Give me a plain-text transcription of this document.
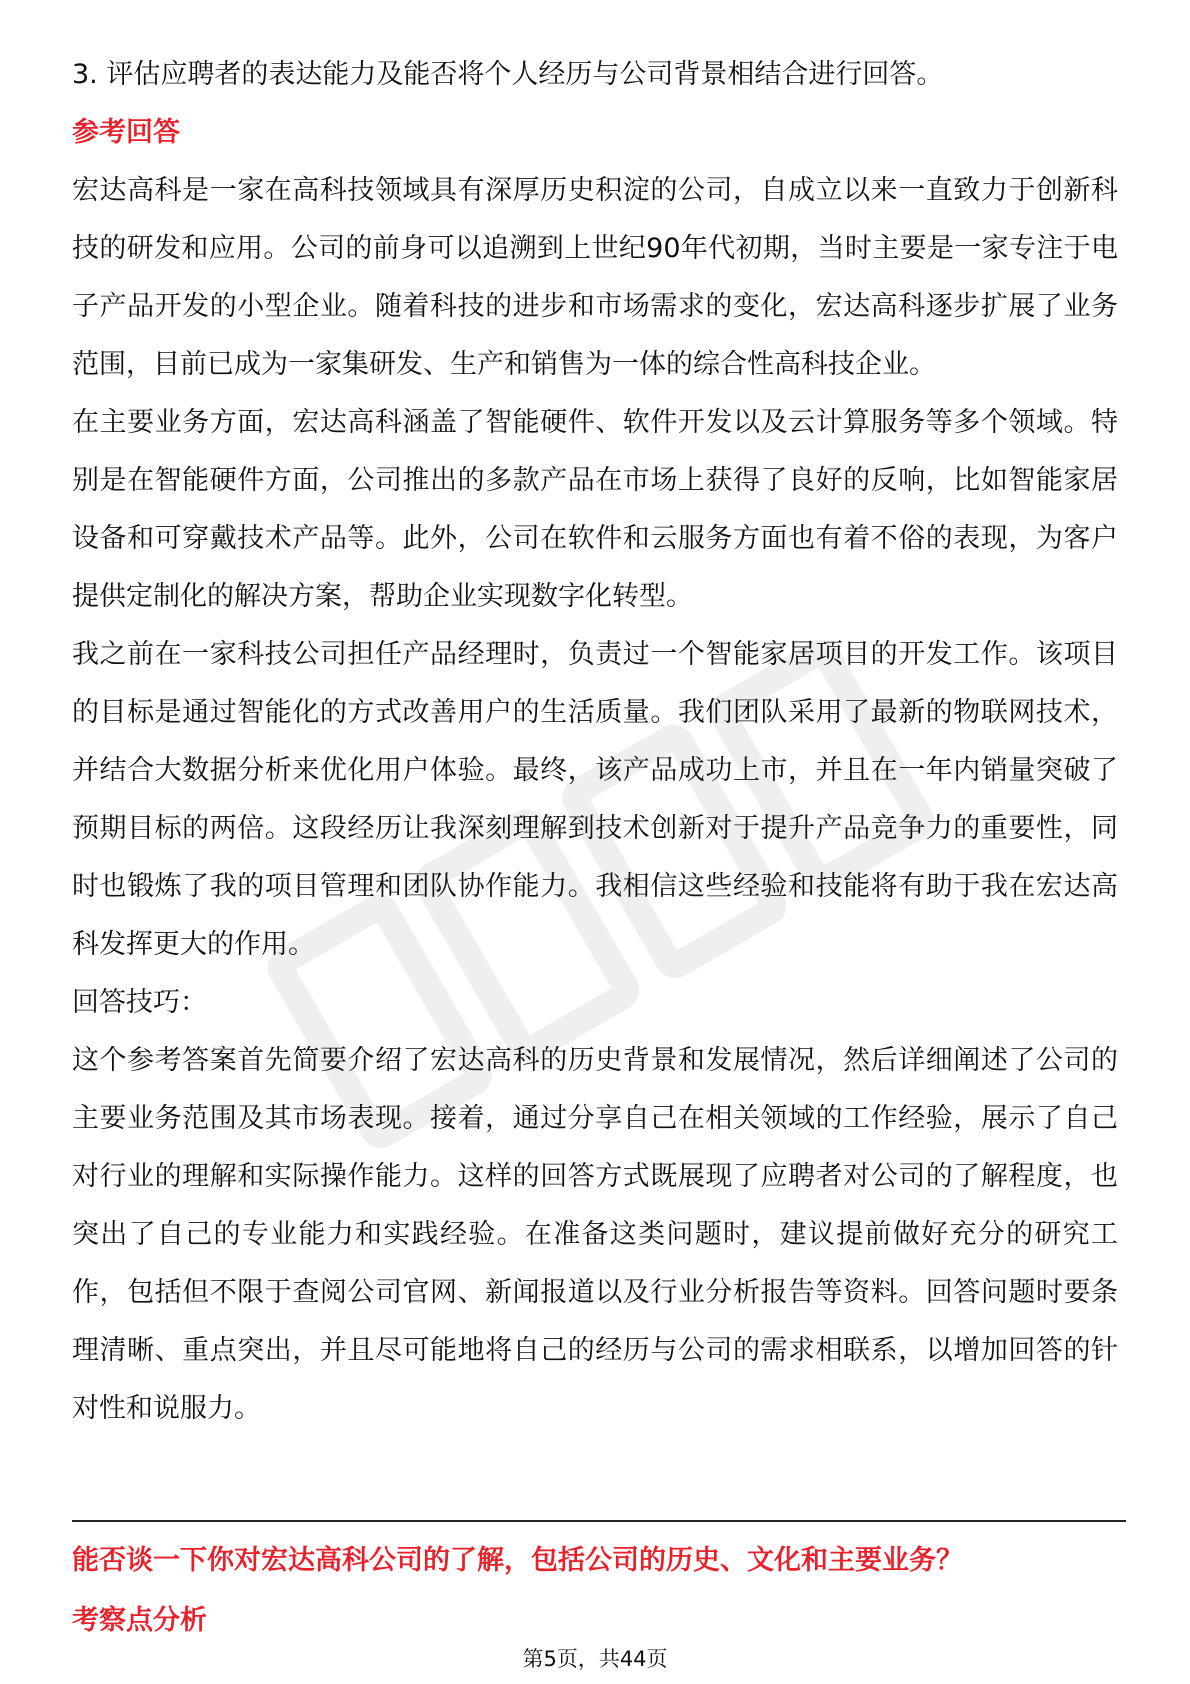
3. 评估应聘者的表达能力及能否将个人经历与公司背景相结合进行回答。

参考回答

宏达高科是一家在高科技领域具有深厚历史积淀的公司，自成立以来一直致力于创新科技的研发和应用。公司的前身可以追溯到上世纪90年代初期，当时主要是一家专注于电子产品开发的小型企业。随着科技的进步和市场需求的变化，宏达高科逐步扩展了业务范围，目前已成为一家集研发、生产和销售为一体的综合性高科技企业。

在主要业务方面，宏达高科涵盖了智能硬件、软件开发以及云计算服务等多个领域。特别是在智能硬件方面，公司推出的多款产品在市场上获得了良好的反响，比如智能家居设备和可穿戴技术产品等。此外，公司在软件和云服务方面也有着不俗的表现，为客户提供定制化的解决方案，帮助企业实现数字化转型。

我之前在一家科技公司担任产品经理时，负责过一个智能家居项目的开发工作。该项目的目标是通过智能化的方式改善用户的生活质量。我们团队采用了最新的物联网技术，并结合大数据分析来优化用户体验。最终，该产品成功上市，并且在一年内销量突破了预期目标的两倍。这段经历让我深刻理解到技术创新对于提升产品竞争力的重要性，同时也锻炼了我的项目管理和团队协作能力。我相信这些经验和技能将有助于我在宏达高科发挥更大的作用。

回答技巧：

这个参考答案首先简要介绍了宏达高科的历史背景和发展情况，然后详细阐述了公司的主要业务范围及其市场表现。接着，通过分享自己在相关领域的工作经验，展示了自己对行业的理解和实际操作能力。这样的回答方式既展现了应聘者对公司的了解程度，也突出了自己的专业能力和实践经验。在准备这类问题时，建议提前做好充分的研究工作，包括但不限于查阅公司官网、新闻报道以及行业分析报告等资料。回答问题时要条理清晰、重点突出，并且尽可能地将自己的经历与公司的需求相联系，以增加回答的针对性和说服力。

能否谈一下你对宏达高科公司的了解，包括公司的历史、文化和主要业务？

考察点分析

第5页，共44页
